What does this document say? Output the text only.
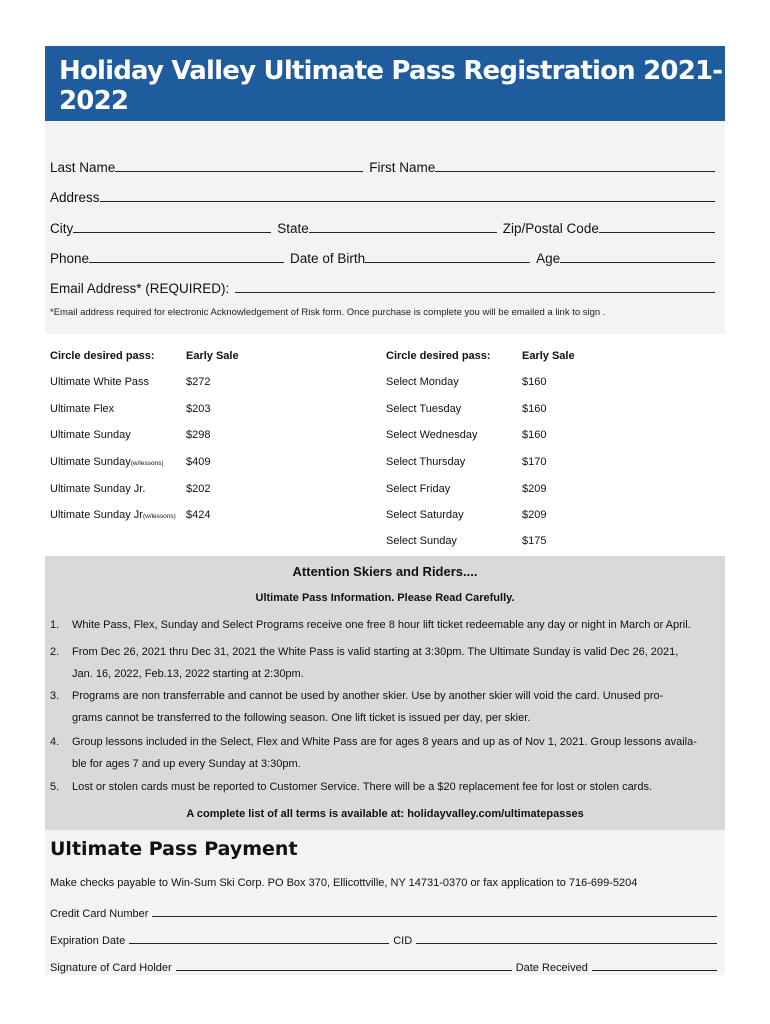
Holiday Valley Ultimate Pass Registration 2021-2022
Last Name	First Name
Address
City	State	Zip/Postal Code
Phone	Date of Birth	Age
Email Address* (REQUIRED):
*Email address required for electronic Acknowledgement of Risk form. Once purchase is complete you will be emailed a link to sign .
Circle desired pass:	Early Sale	Circle desired pass:	Early Sale
Ultimate White Pass	$272
Ultimate Flex	$203
Ultimate Sunday	$298
Ultimate Sunday(w/lessons) $409
Ultimate Sunday Jr.	$202
Ultimate Sunday Jr(w/lessons) $424
Select Monday	$160
Select Tuesday	$160
Select Wednesday	$160
Select Thursday	$170
Select Friday	$209
Select Saturday	$209
Select Sunday	$175
Attention Skiers and Riders....
Ultimate Pass Information. Please Read Carefully.
1. White Pass, Flex, Sunday and Select Programs receive one free 8 hour lift ticket redeemable any day or night in March or April.
2. From Dec 26, 2021 thru Dec 31, 2021 the White Pass is valid starting at 3:30pm. The Ultimate Sunday is valid Dec 26, 2021,
Jan. 16, 2022, Feb.13, 2022 starting at 2:30pm.
3. Programs are non transferrable and cannot be used by another skier. Use by another skier will void the card. Unused pro-
grams cannot be transferred to the following season. One lift ticket is issued per day, per skier.
4. Group lessons included in the Select, Flex and White Pass are for ages 8 years and up as of Nov 1, 2021. Group lessons availa-
ble for ages 7 and up every Sunday at 3:30pm.
5. Lost or stolen cards must be reported to Customer Service. There will be a $20 replacement fee for lost or stolen cards.
A complete list of all terms is available at: holidayvalley.com/ultimatepasses
Ultimate Pass Payment
Make checks payable to Win-Sum Ski Corp. PO Box 370, Ellicottville, NY 14731-0370 or fax application to 716-699-5204
Credit Card Number
Expiration Date	CID
Signature of Card Holder	Date Received
